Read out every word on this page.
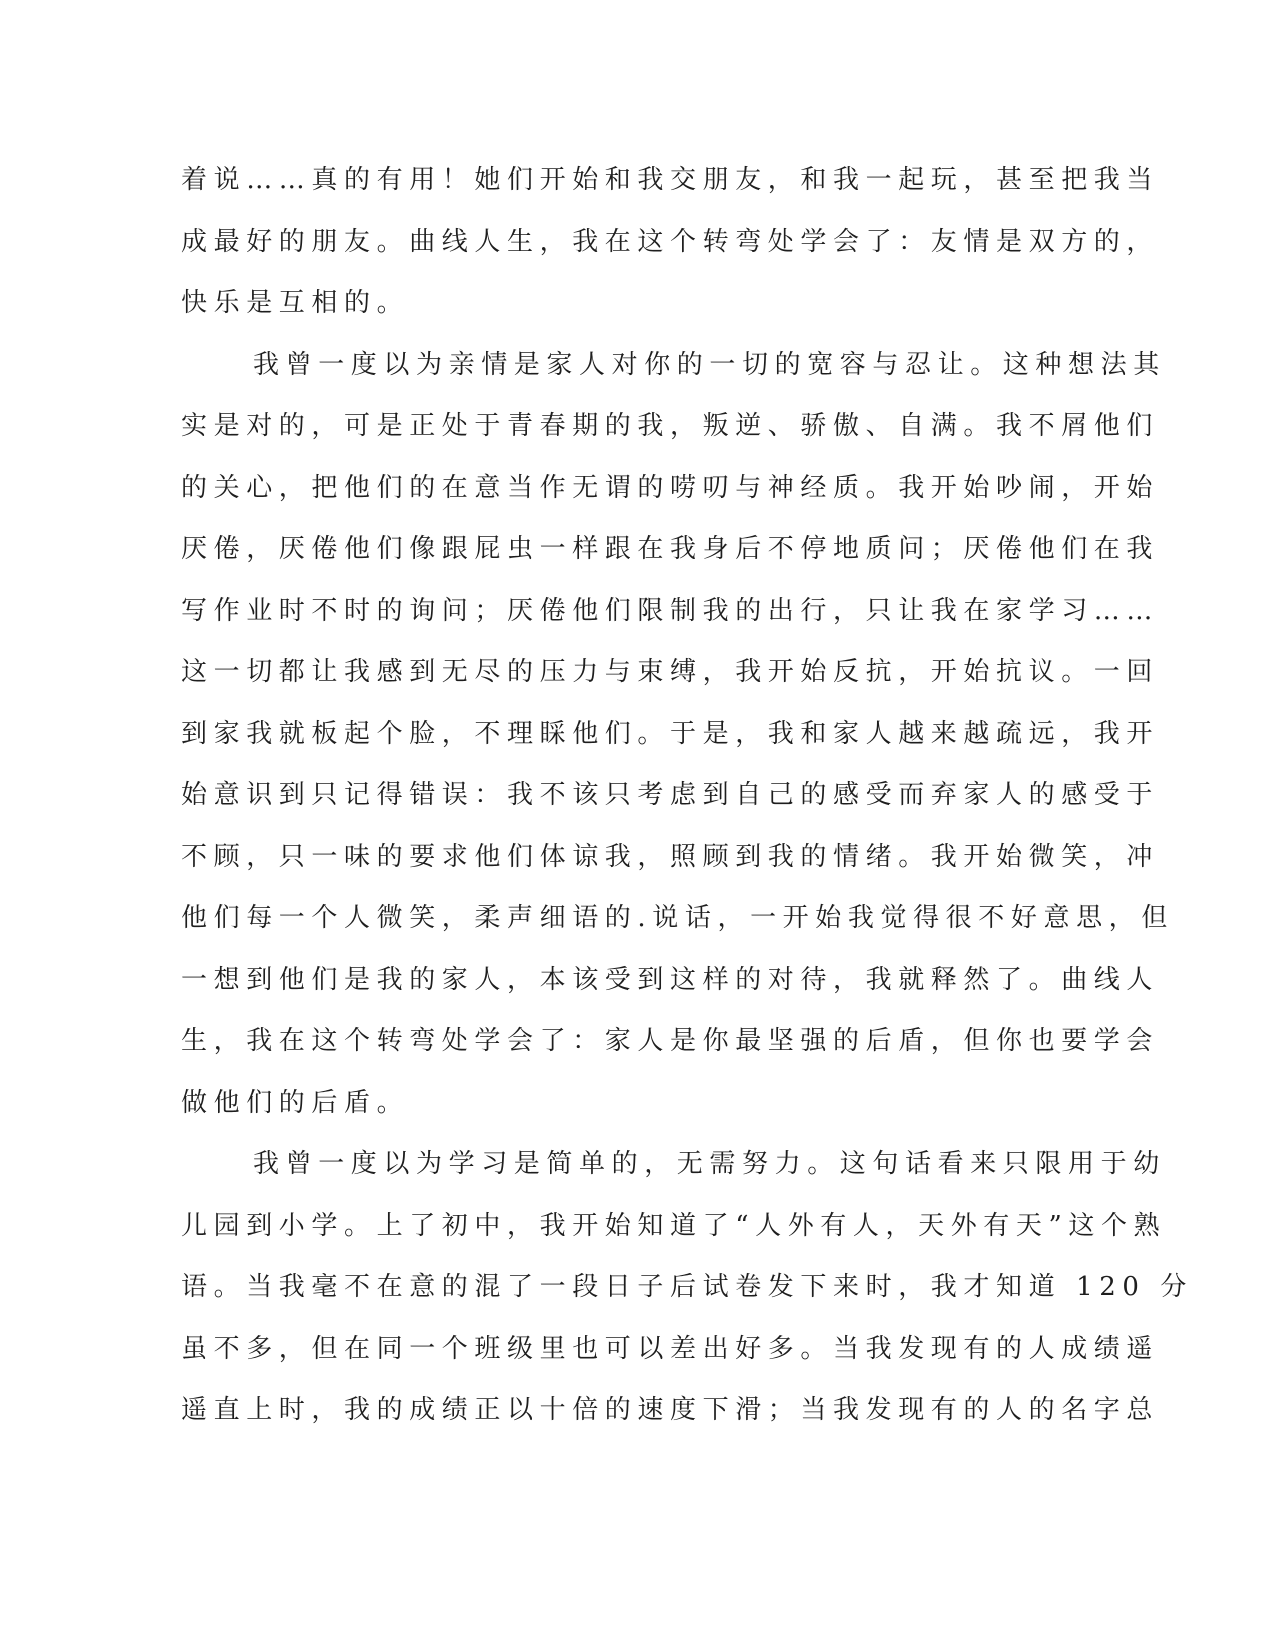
着说……真的有用！她们开始和我交朋友，和我一起玩，甚至把我当
成最好的朋友。曲线人生，我在这个转弯处学会了：友情是双方的，
快乐是互相的。
我曾一度以为亲情是家人对你的一切的宽容与忍让。这种想法其
实是对的，可是正处于青春期的我，叛逆、骄傲、自满。我不屑他们
的关心，把他们的在意当作无谓的唠叨与神经质。我开始吵闹，开始
厌倦，厌倦他们像跟屁虫一样跟在我身后不停地质问；厌倦他们在我
写作业时不时的询问；厌倦他们限制我的出行，只让我在家学习……
这一切都让我感到无尽的压力与束缚，我开始反抗，开始抗议。一回
到家我就板起个脸，不理睬他们。于是，我和家人越来越疏远，我开
始意识到只记得错误：我不该只考虑到自己的感受而弃家人的感受于
不顾，只一味的要求他们体谅我，照顾到我的情绪。我开始微笑，冲
他们每一个人微笑，柔声细语的.说话，一开始我觉得很不好意思，但
一想到他们是我的家人，本该受到这样的对待，我就释然了。曲线人
生，我在这个转弯处学会了：家人是你最坚强的后盾，但你也要学会
做他们的后盾。
我曾一度以为学习是简单的，无需努力。这句话看来只限用于幼
儿园到小学。上了初中，我开始知道了“人外有人，天外有天”这个熟
语。当我毫不在意的混了一段日子后试卷发下来时，我才知道 120 分
虽不多，但在同一个班级里也可以差出好多。当我发现有的人成绩遥
遥直上时，我的成绩正以十倍的速度下滑；当我发现有的人的名字总
